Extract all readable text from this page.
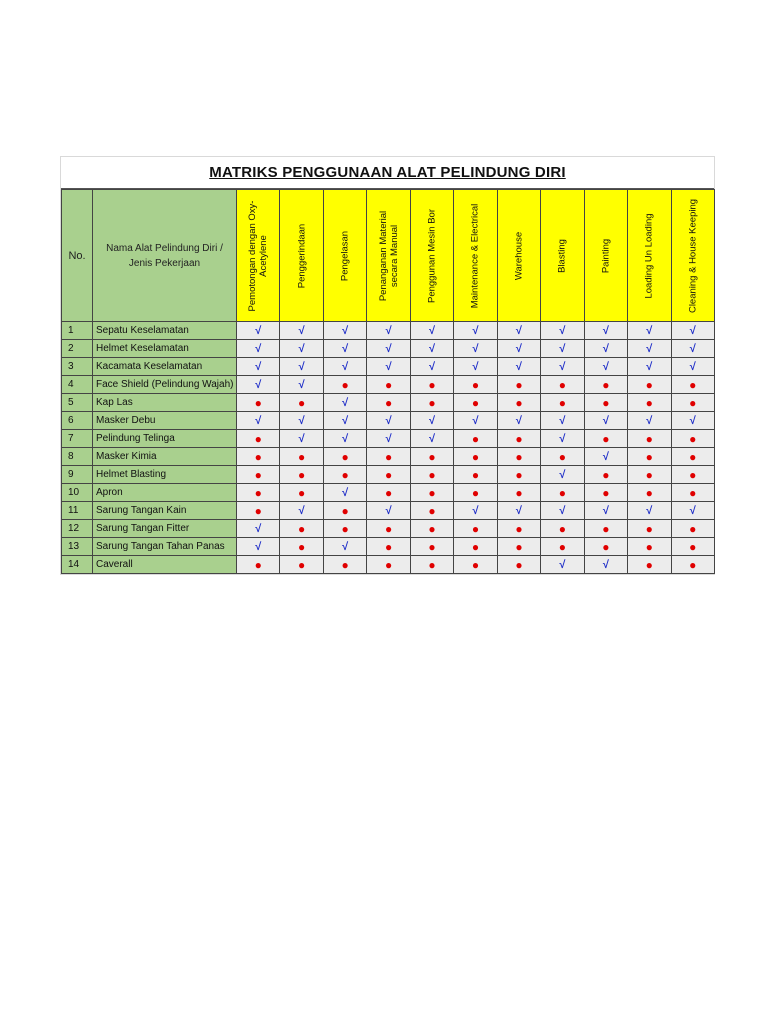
MATRIKS PENGGUNAAN ALAT PELINDUNG DIRI
No.	Nama Alat Pelindung Diri / Jenis Pekerjaan	Pemotongan dengan Oxy-Acetylene	Penggerindaan	Pengelasan	Penanganan Material secara Manual	Penggunan Mesin Bor	Maintenance & Electrical	Warehouse	Blasting	Painting	Loading Un Loading	Cleaning & House Keeping

1	Sepatu Keselamatan	√	√	√	√	√	√	√	√	√	√	√
2	Helmet Keselamatan	√	√	√	√	√	√	√	√	√	√	√
3	Kacamata Keselamatan	√	√	√	√	√	√	√	√	√	√	√
4	Face Shield (Pelindung Wajah)	√	√	●	●	●	●	●	●	●	●	●
5	Kap Las	●	●	√	●	●	●	●	●	●	●	●
6	Masker Debu	√	√	√	√	√	√	√	√	√	√	√
7	Pelindung Telinga	●	√	√	√	√	●	●	√	●	●	●
8	Masker Kimia	●	●	●	●	●	●	●	●	√	●	●
9	Helmet Blasting	●	●	●	●	●	●	●	√	●	●	●
10	Apron	●	●	√	●	●	●	●	●	●	●	●
11	Sarung Tangan Kain	●	√	●	√	●	√	√	√	√	√	√
12	Sarung Tangan Fitter	√	●	●	●	●	●	●	●	●	●	●
13	Sarung Tangan Tahan Panas	√	●	√	●	●	●	●	●	●	●	●
14	Caverall	●	●	●	●	●	●	●	√	√	●	●
